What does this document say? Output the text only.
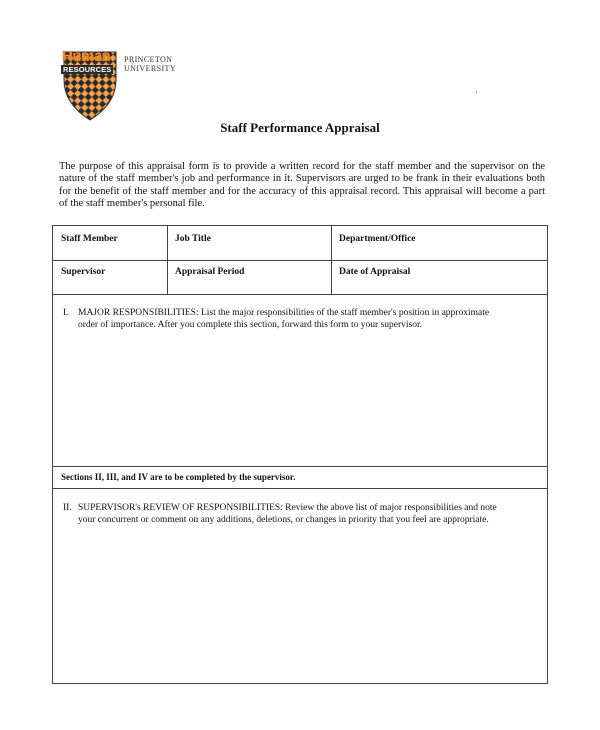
Human
RESOURCES
PRINCETON
UNIVERSITY
Staff Performance Appraisal

The purpose of this appraisal form is to provide a written record for the staff member and the supervisor on the nature of the staff member's job and performance in it. Supervisors are urged to be frank in their evaluations both for the benefit of the staff member and for the accuracy of this appraisal record. This appraisal will become a part of the staff member's personal file.

Staff Member	Job Title	Department/Office
Supervisor	Appraisal Period	Date of Appraisal

I. MAJOR RESPONSIBILITIES: List the major responsibilities of the staff member's position in approximate
order of importance. After you complete this section, forward this form to your supervisor.

Sections II, III, and IV are to be completed by the supervisor.

II. SUPERVISOR's REVIEW OF RESPONSIBILITIES: Review the above list of major responsibilities and note
your concurrent or comment on any additions, deletions, or changes in priority that you feel are appropriate.
